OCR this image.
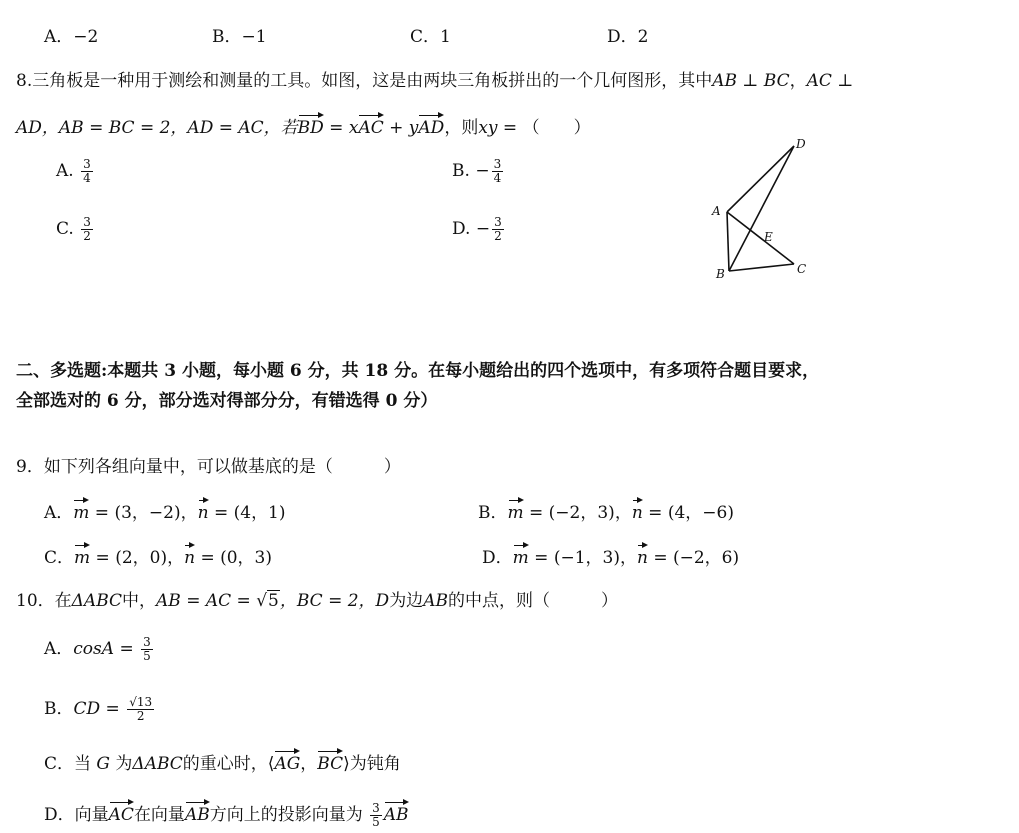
A．−2	B．−1	C．1	D．2
8.三角板是一种用于测绘和测量的工具。如图，这是由两块三角板拼出的一个几何图形，其中AB ⊥ BC，AC ⊥
AD，AB = BC = 2，AD = AC，若BD = xAC + yAD，则xy = （　　）
A. $\frac{3}{4}$	B. − $\frac{3}{4}$
C. $\frac{3}{2}$	D. − $\frac{3}{2}$
D
A
E
B	C
二、多选题:本题共 3 小题，每小题 6 分，共 18 分。在每小题给出的四个选项中，有多项符合题目要求，
全部选对的 6 分，部分选对得部分分，有错选得 0 分）
9．如下列各组向量中，可以做基底的是（　　　）
A．m = (3，−2)，n = (4，1)	B．m = (−2，3)，n = (4，−6)
C．m = (2，0)，n = (0，3)	D．m = (−1，3)，n = (−2，6)
10．在ΔABC中，AB = AC = √5，BC = 2，D为边AB的中点，则（　　　）
A．$\cos A = \frac{3}{5}$
B．CD = $\frac{√13}{2}$
C．当 G 为ΔABC的重心时，⟨AG，BC⟩为钝角
D．向量AC在向量AB方向上的投影向量为 $\frac{3}{5}$ AB
